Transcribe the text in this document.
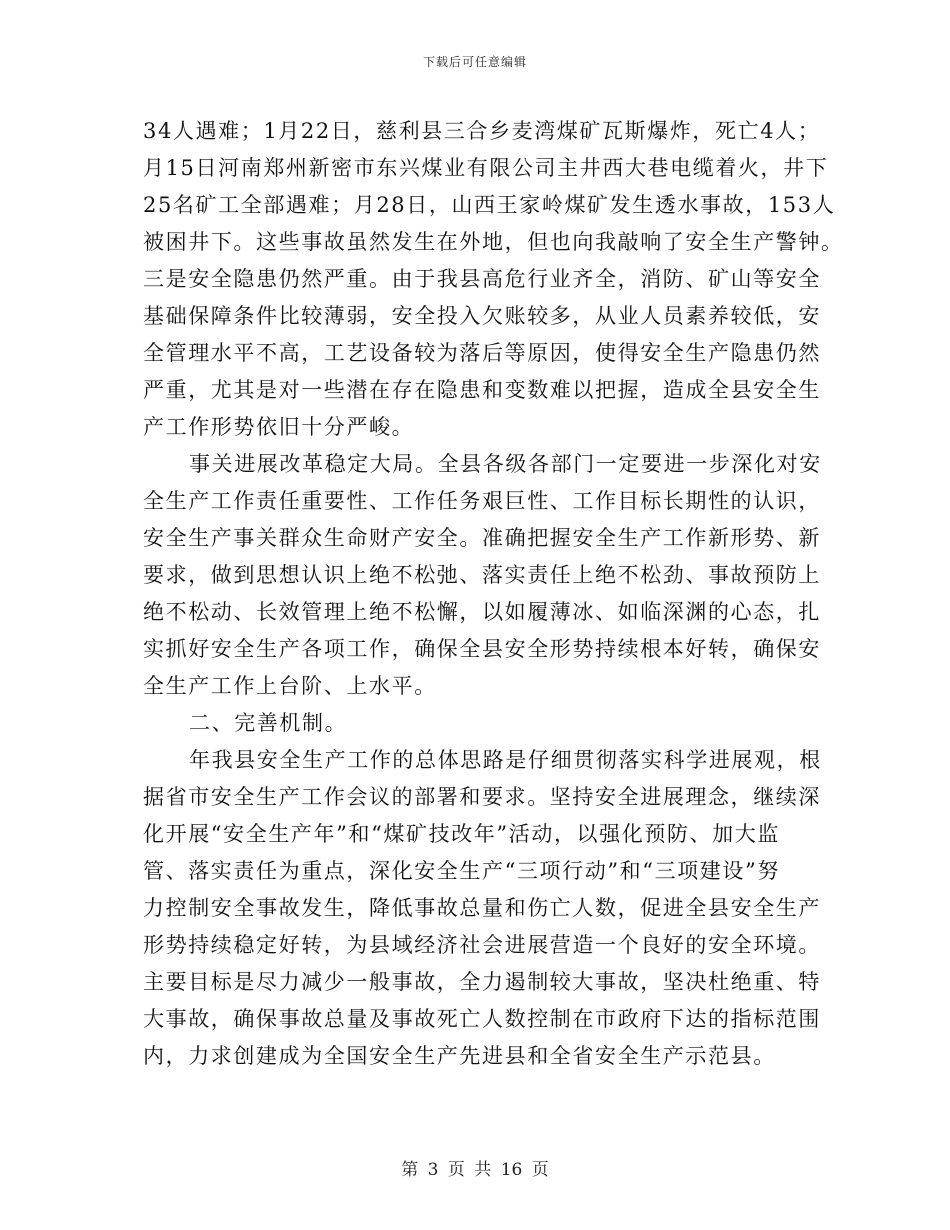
下载后可任意编辑
34人遇难；1月22日，慈利县三合乡麦湾煤矿瓦斯爆炸，死亡4人；
月15日河南郑州新密市东兴煤业有限公司主井西大巷电缆着火，井下
25名矿工全部遇难；月28日，山西王家岭煤矿发生透水事故，153人
被困井下。这些事故虽然发生在外地，但也向我敲响了安全生产警钟。
三是安全隐患仍然严重。由于我县高危行业齐全，消防、矿山等安全
基础保障条件比较薄弱，安全投入欠账较多，从业人员素养较低，安
全管理水平不高，工艺设备较为落后等原因，使得安全生产隐患仍然
严重，尤其是对一些潜在存在隐患和变数难以把握，造成全县安全生
产工作形势依旧十分严峻。
事关进展改革稳定大局。全县各级各部门一定要进一步深化对安
全生产工作责任重要性、工作任务艰巨性、工作目标长期性的认识，
安全生产事关群众生命财产安全。准确把握安全生产工作新形势、新
要求，做到思想认识上绝不松弛、落实责任上绝不松劲、事故预防上
绝不松动、长效管理上绝不松懈，以如履薄冰、如临深渊的心态，扎
实抓好安全生产各项工作，确保全县安全形势持续根本好转，确保安
全生产工作上台阶、上水平。
二、完善机制。
年我县安全生产工作的总体思路是仔细贯彻落实科学进展观，根
据省市安全生产工作会议的部署和要求。坚持安全进展理念，继续深
化开展“安全生产年”和“煤矿技改年”活动，以强化预防、加大监
管、落实责任为重点，深化安全生产“三项行动”和“三项建设”努
力控制安全事故发生，降低事故总量和伤亡人数，促进全县安全生产
形势持续稳定好转，为县域经济社会进展营造一个良好的安全环境。
主要目标是尽力减少一般事故，全力遏制较大事故，坚决杜绝重、特
大事故，确保事故总量及事故死亡人数控制在市政府下达的指标范围
内，力求创建成为全国安全生产先进县和全省安全生产示范县。
第 3 页 共 16 页
